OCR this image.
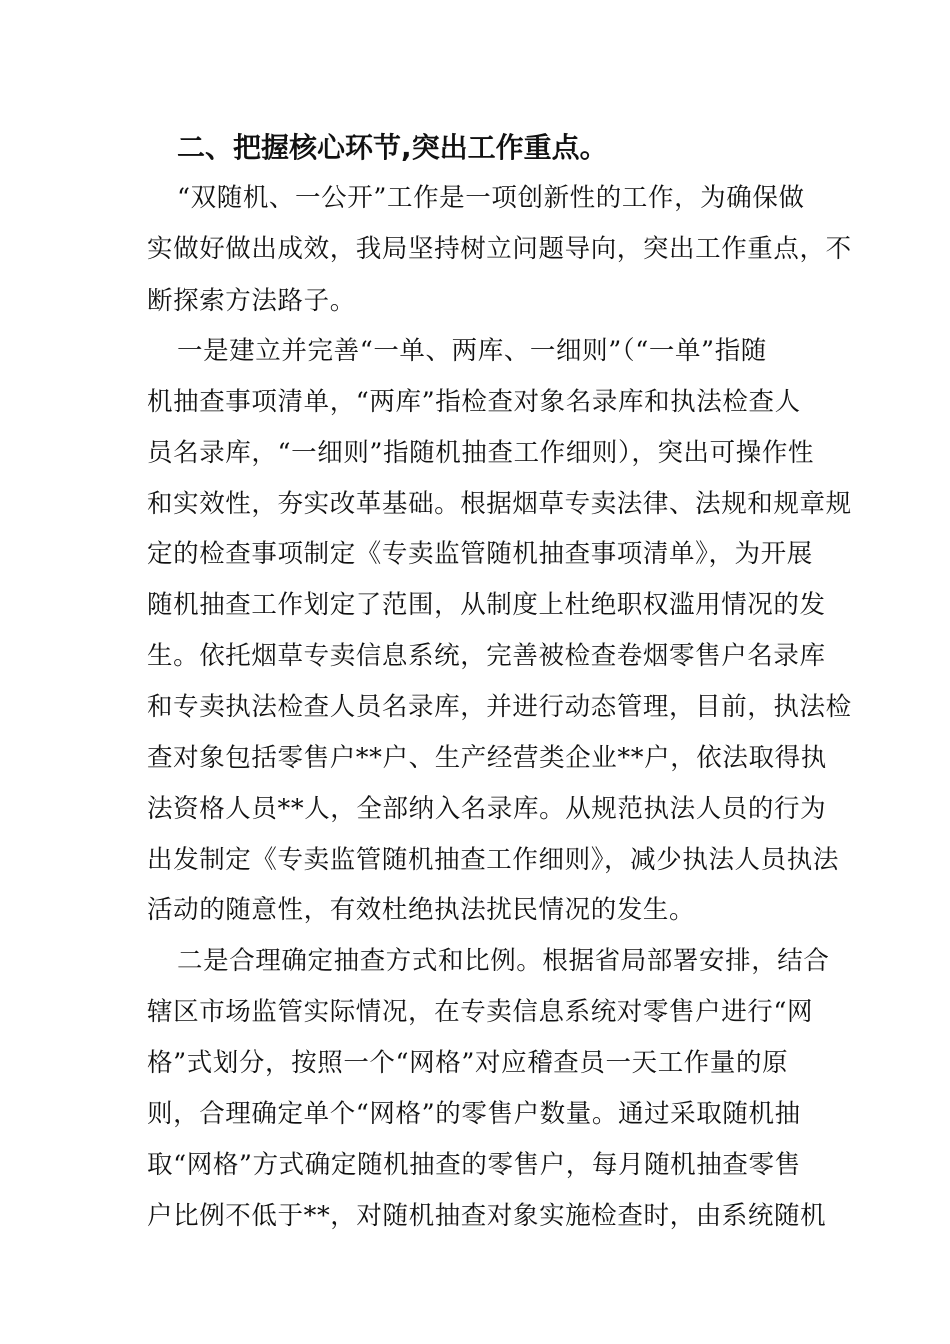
二、把握核心环节,突出工作重点。
“双随机、一公开”工作是一项创新性的工作，为确保做
实做好做出成效，我局坚持树立问题导向，突出工作重点，不
断探索方法路子。
一是建立并完善“一单、两库、一细则”（“一单”指随
机抽查事项清单，“两库”指检查对象名录库和执法检查人
员名录库，“一细则”指随机抽查工作细则），突出可操作性
和实效性，夯实改革基础。根据烟草专卖法律、法规和规章规
定的检查事项制定《专卖监管随机抽查事项清单》，为开展
随机抽查工作划定了范围，从制度上杜绝职权滥用情况的发
生。依托烟草专卖信息系统，完善被检查卷烟零售户名录库
和专卖执法检查人员名录库，并进行动态管理，目前，执法检
查对象包括零售户**户、生产经营类企业**户，依法取得执
法资格人员**人，全部纳入名录库。从规范执法人员的行为
出发制定《专卖监管随机抽查工作细则》，减少执法人员执法
活动的随意性，有效杜绝执法扰民情况的发生。
二是合理确定抽查方式和比例。根据省局部署安排，结合
辖区市场监管实际情况，在专卖信息系统对零售户进行“网
格”式划分，按照一个“网格”对应稽查员一天工作量的原
则，合理确定单个“网格”的零售户数量。通过采取随机抽
取“网格”方式确定随机抽查的零售户，每月随机抽查零售
户比例不低于**，对随机抽查对象实施检查时，由系统随机
